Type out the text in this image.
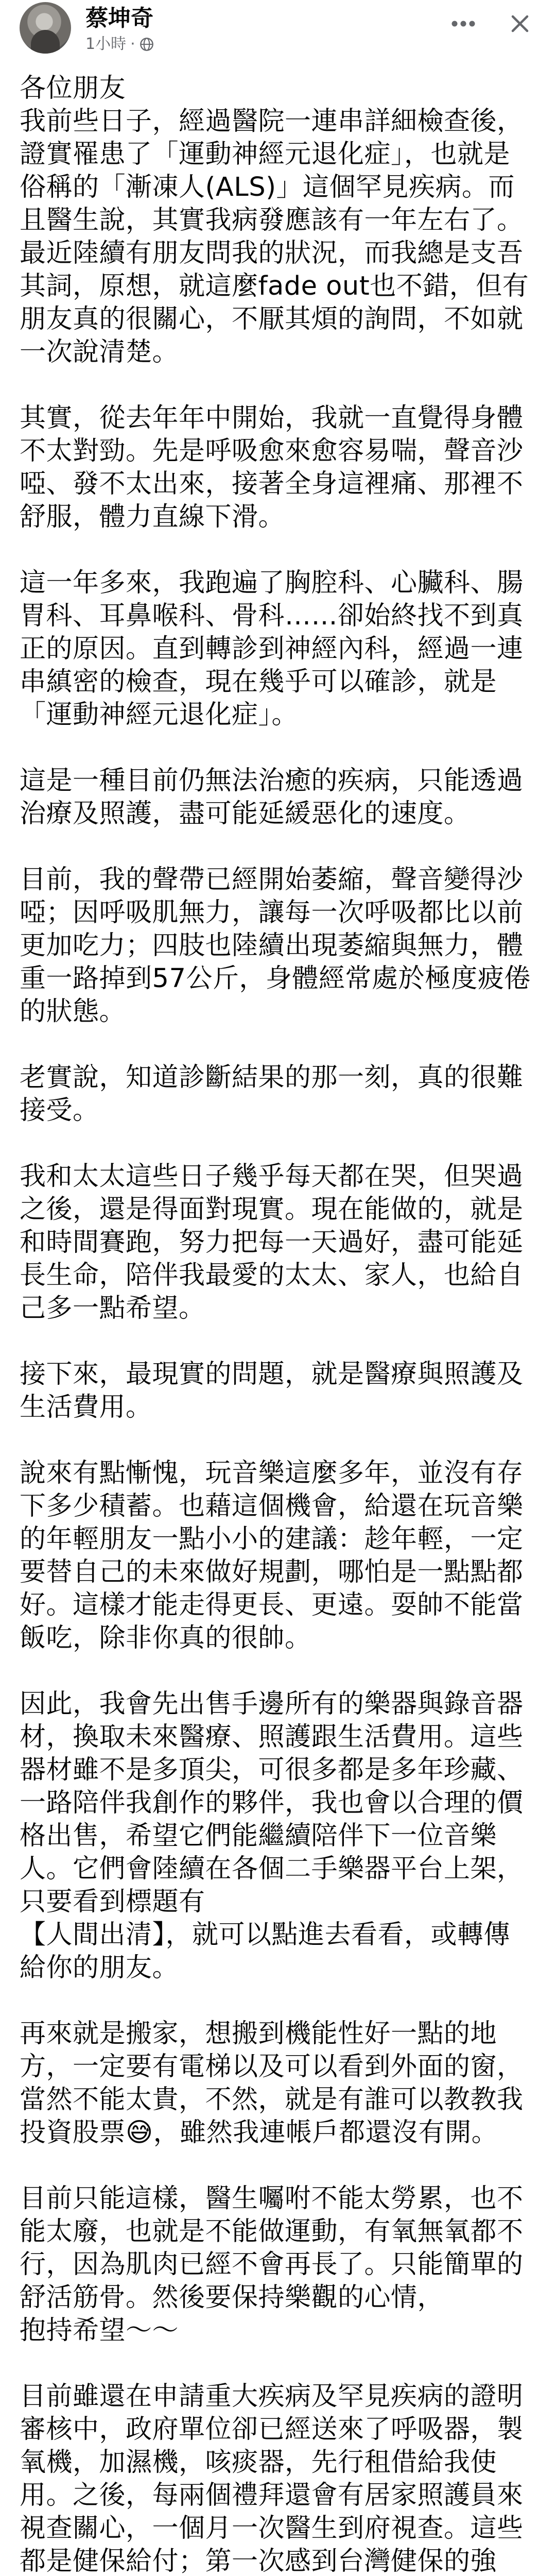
蔡坤奇
1小時 ·

各位朋友
我前些日子，經過醫院一連串詳細檢查後，證實罹患了「運動神經元退化症」，也就是俗稱的「漸凍人(ALS)」這個罕見疾病。而且醫生說，其實我病發應該有一年左右了。最近陸續有朋友問我的狀況，而我總是支吾其詞，原想，就這麼fade out也不錯，但有朋友真的很關心，不厭其煩的詢問，不如就一次說清楚。

其實，從去年年中開始，我就一直覺得身體不太對勁。先是呼吸愈來愈容易喘，聲音沙啞、發不太出來，接著全身這裡痛、那裡不舒服，體力直線下滑。

這一年多來，我跑遍了胸腔科、心臟科、腸胃科、耳鼻喉科、骨科……卻始終找不到真正的原因。直到轉診到神經內科，經過一連串縝密的檢查，現在幾乎可以確診，就是「運動神經元退化症」。

這是一種目前仍無法治癒的疾病，只能透過治療及照護，盡可能延緩惡化的速度。

目前，我的聲帶已經開始萎縮，聲音變得沙啞；因呼吸肌無力，讓每一次呼吸都比以前更加吃力；四肢也陸續出現萎縮與無力，體重一路掉到57公斤，身體經常處於極度疲倦的狀態。

老實說，知道診斷結果的那一刻，真的很難接受。

我和太太這些日子幾乎每天都在哭，但哭過之後，還是得面對現實。現在能做的，就是和時間賽跑，努力把每一天過好，盡可能延長生命，陪伴我最愛的太太、家人，也給自己多一點希望。

接下來，最現實的問題，就是醫療與照護及生活費用。

說來有點慚愧，玩音樂這麼多年，並沒有存下多少積蓄。也藉這個機會，給還在玩音樂的年輕朋友一點小小的建議：趁年輕，一定要替自己的未來做好規劃，哪怕是一點點都好。這樣才能走得更長、更遠。耍帥不能當飯吃，除非你真的很帥。

因此，我會先出售手邊所有的樂器與錄音器材，換取未來醫療、照護跟生活費用。這些器材雖不是多頂尖，可很多都是多年珍藏、一路陪伴我創作的夥伴，我也會以合理的價格出售，希望它們能繼續陪伴下一位音樂人。它們會陸續在各個二手樂器平台上架，只要看到標題有
【人間出清】，就可以點進去看看，或轉傳給你的朋友。

再來就是搬家，想搬到機能性好一點的地方，一定要有電梯以及可以看到外面的窗，當然不能太貴，不然，就是有誰可以教教我投資股票😅，雖然我連帳戶都還沒有開。

目前只能這樣，醫生囑咐不能太勞累，也不能太廢，也就是不能做運動，有氧無氧都不行，因為肌肉已經不會再長了。只能簡單的舒活筋骨。然後要保持樂觀的心情，
抱持希望～～

目前雖還在申請重大疾病及罕見疾病的證明審核中，政府單位卻已經送來了呼吸器，製氧機，加濕機，咳痰器，先行租借給我使用。之後，每兩個禮拜還會有居家照護員來視查關心，一個月一次醫生到府視查。這些都是健保給付；第一次感到台灣健保的強
